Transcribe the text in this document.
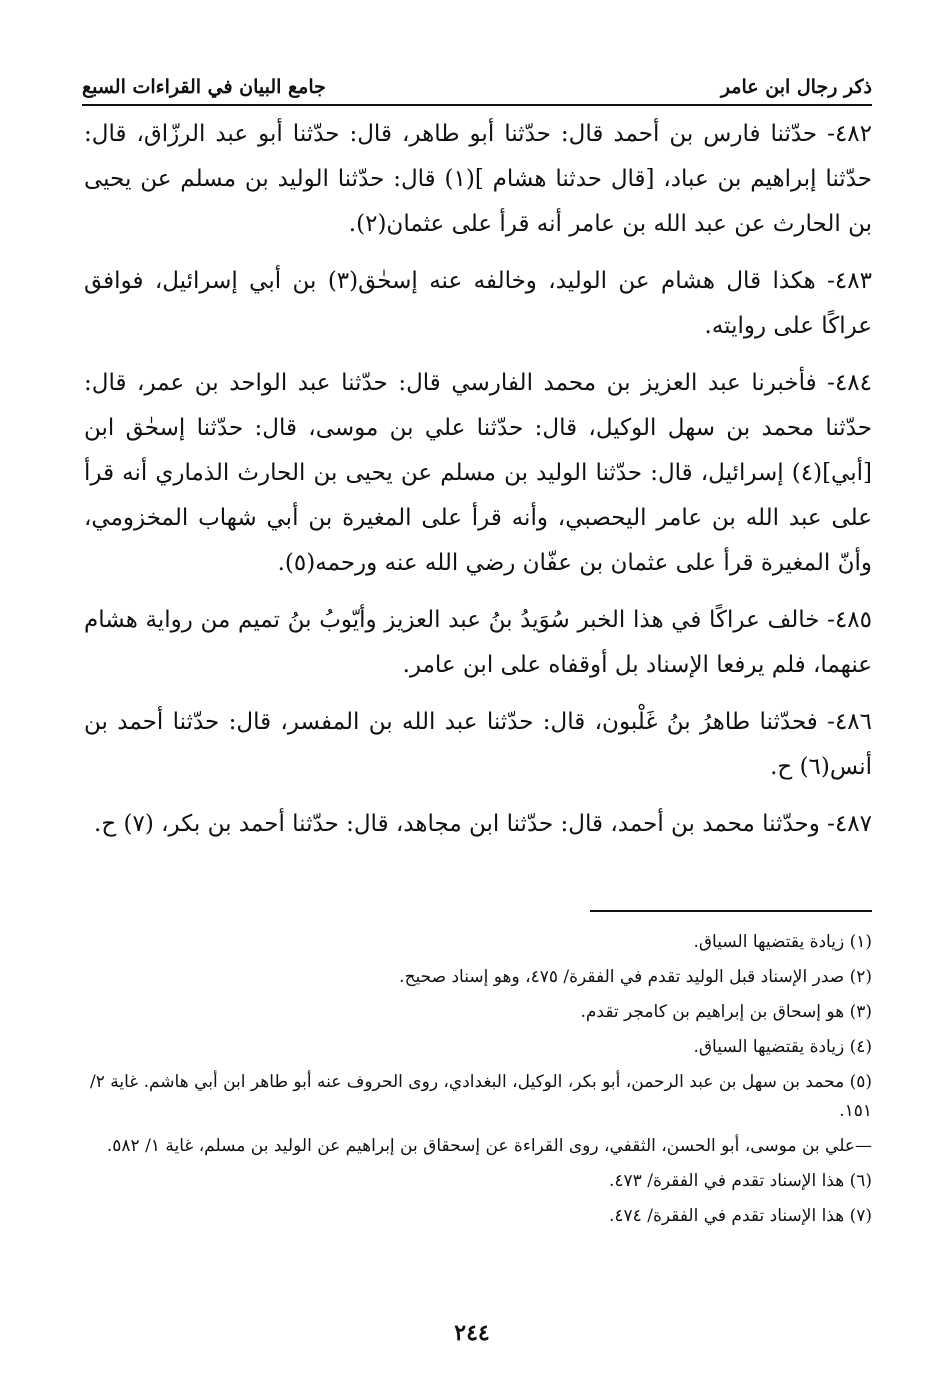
ذكر رجال ابن عامر
جامع البيان في القراءات السبع

٤٨٢- حدّثنا فارس بن أحمد قال: حدّثنا أبو طاهر، قال: حدّثنا أبو عبد الرزّاق، قال: حدّثنا إبراهيم بن عباد، [قال حدثنا هشام ](١) قال: حدّثنا الوليد بن مسلم عن يحيى بن الحارث عن عبد الله بن عامر أنه قرأ على عثمان(٢).

٤٨٣- هكذا قال هشام عن الوليد، وخالفه عنه إسحٰق(٣) بن أبي إسرائيل، فوافق عراكًا على روايته.

٤٨٤- فأخبرنا عبد العزيز بن محمد الفارسي قال: حدّثنا عبد الواحد بن عمر، قال: حدّثنا محمد بن سهل الوكيل، قال: حدّثنا علي بن موسى، قال: حدّثنا إسحٰق ابن [أبي](٤) إسرائيل، قال: حدّثنا الوليد بن مسلم عن يحيى بن الحارث الذماري أنه قرأ على عبد الله بن عامر اليحصبي، وأنه قرأ على المغيرة بن أبي شهاب المخزومي، وأنّ المغيرة قرأ على عثمان بن عفّان رضي الله عنه ورحمه(٥).

٤٨٥- خالف عراكًا في هذا الخبر سُوَيدُ بنُ عبد العزيز وأيّوبُ بنُ تميم من رواية هشام عنهما، فلم يرفعا الإسناد بل أوقفاه على ابن عامر.

٤٨٦- فحدّثنا طاهرُ بنُ غَلْبون، قال: حدّثنا عبد الله بن المفسر، قال: حدّثنا أحمد بن أنس(٦) ح.

٤٨٧- وحدّثنا محمد بن أحمد، قال: حدّثنا ابن مجاهد، قال: حدّثنا أحمد بن بكر، (٧) ح.

(١) زيادة يقتضيها السياق.

(٢) صدر الإسناد قبل الوليد تقدم في الفقرة/ ٤٧٥، وهو إسناد صحيح.

(٣) هو إسحاق بن إبراهيم بن كامجر تقدم.

(٤) زيادة يقتضيها السياق.

(٥) محمد بن سهل بن عبد الرحمن، أبو بكر، الوكيل، البغدادي، روى الحروف عنه أبو طاهر ابن أبي هاشم. غاية ٢/ ١٥١.

—علي بن موسى، أبو الحسن، الثقفي، روى القراءة عن إسحقاق بن إبراهيم عن الوليد بن مسلم، غاية ١/ ٥٨٢.

(٦) هذا الإسناد تقدم في الفقرة/ ٤٧٣.

(٧) هذا الإسناد تقدم في الفقرة/ ٤٧٤.

٢٤٤
